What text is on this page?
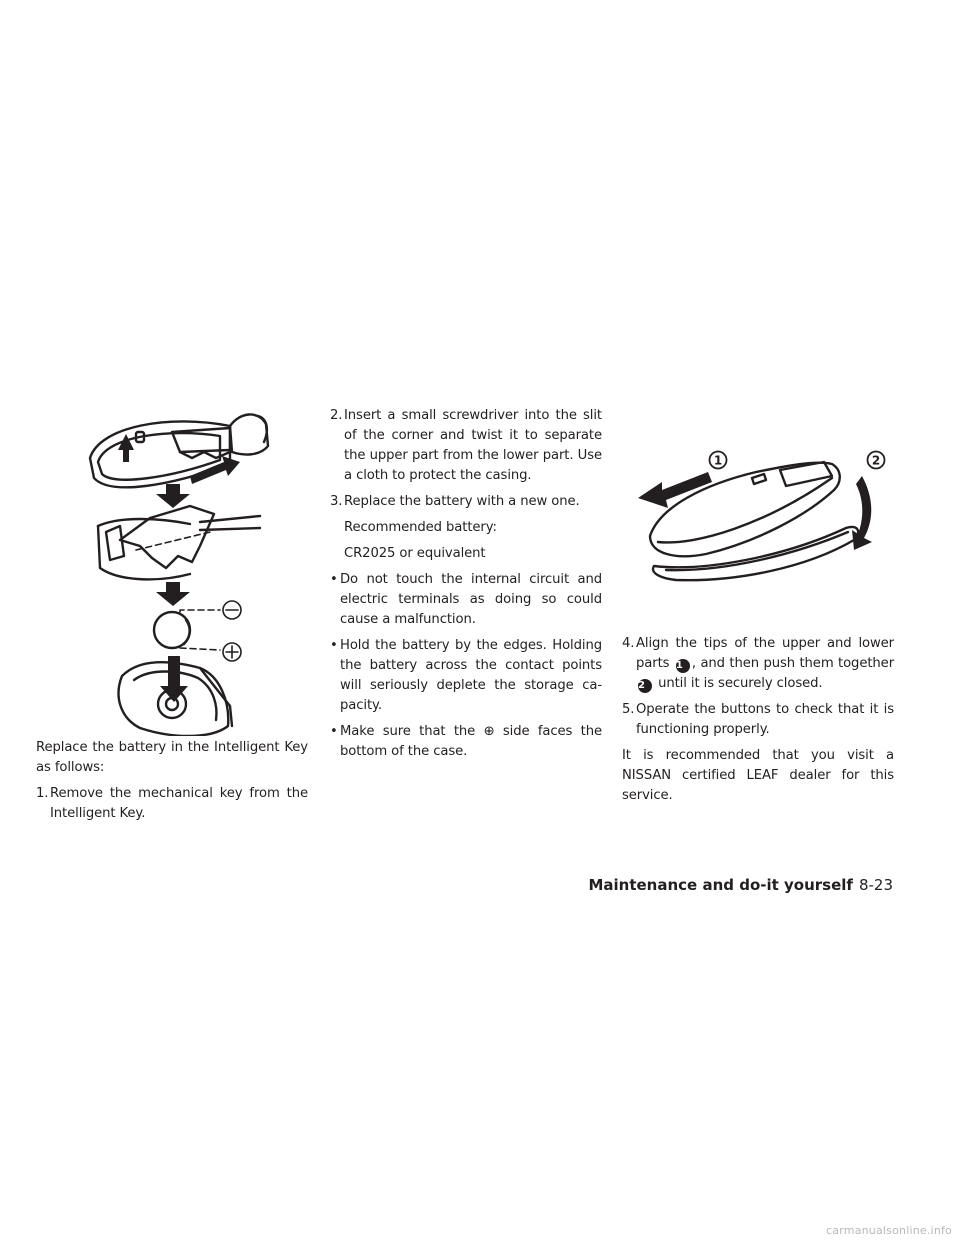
1	2

Replace the battery in the Intelligent Key as follows:

1. Remove the mechanical key from the Intelligent Key.
2. Insert a small screwdriver into the slit of the corner and twist it to separate the upper part from the lower part. Use a cloth to protect the casing.
3. Replace the battery with a new one.

Recommended battery:

CR2025 or equivalent

• Do not touch the internal circuit and electric terminals as doing so could cause a malfunction.
• Hold the battery by the edges. Holding the battery across the contact points will seriously deplete the storage ca-pacity.
• Make sure that the ⊕ side faces the bottom of the case.
4. Align the tips of the upper and lower parts 1 , and then push them together 2 until it is securely closed.
5. Operate the buttons to check that it is functioning properly.

It is recommended that you visit a NISSAN certified LEAF dealer for this service.

Maintenance and do-it yourself 8-23
carmanualsonline.info
